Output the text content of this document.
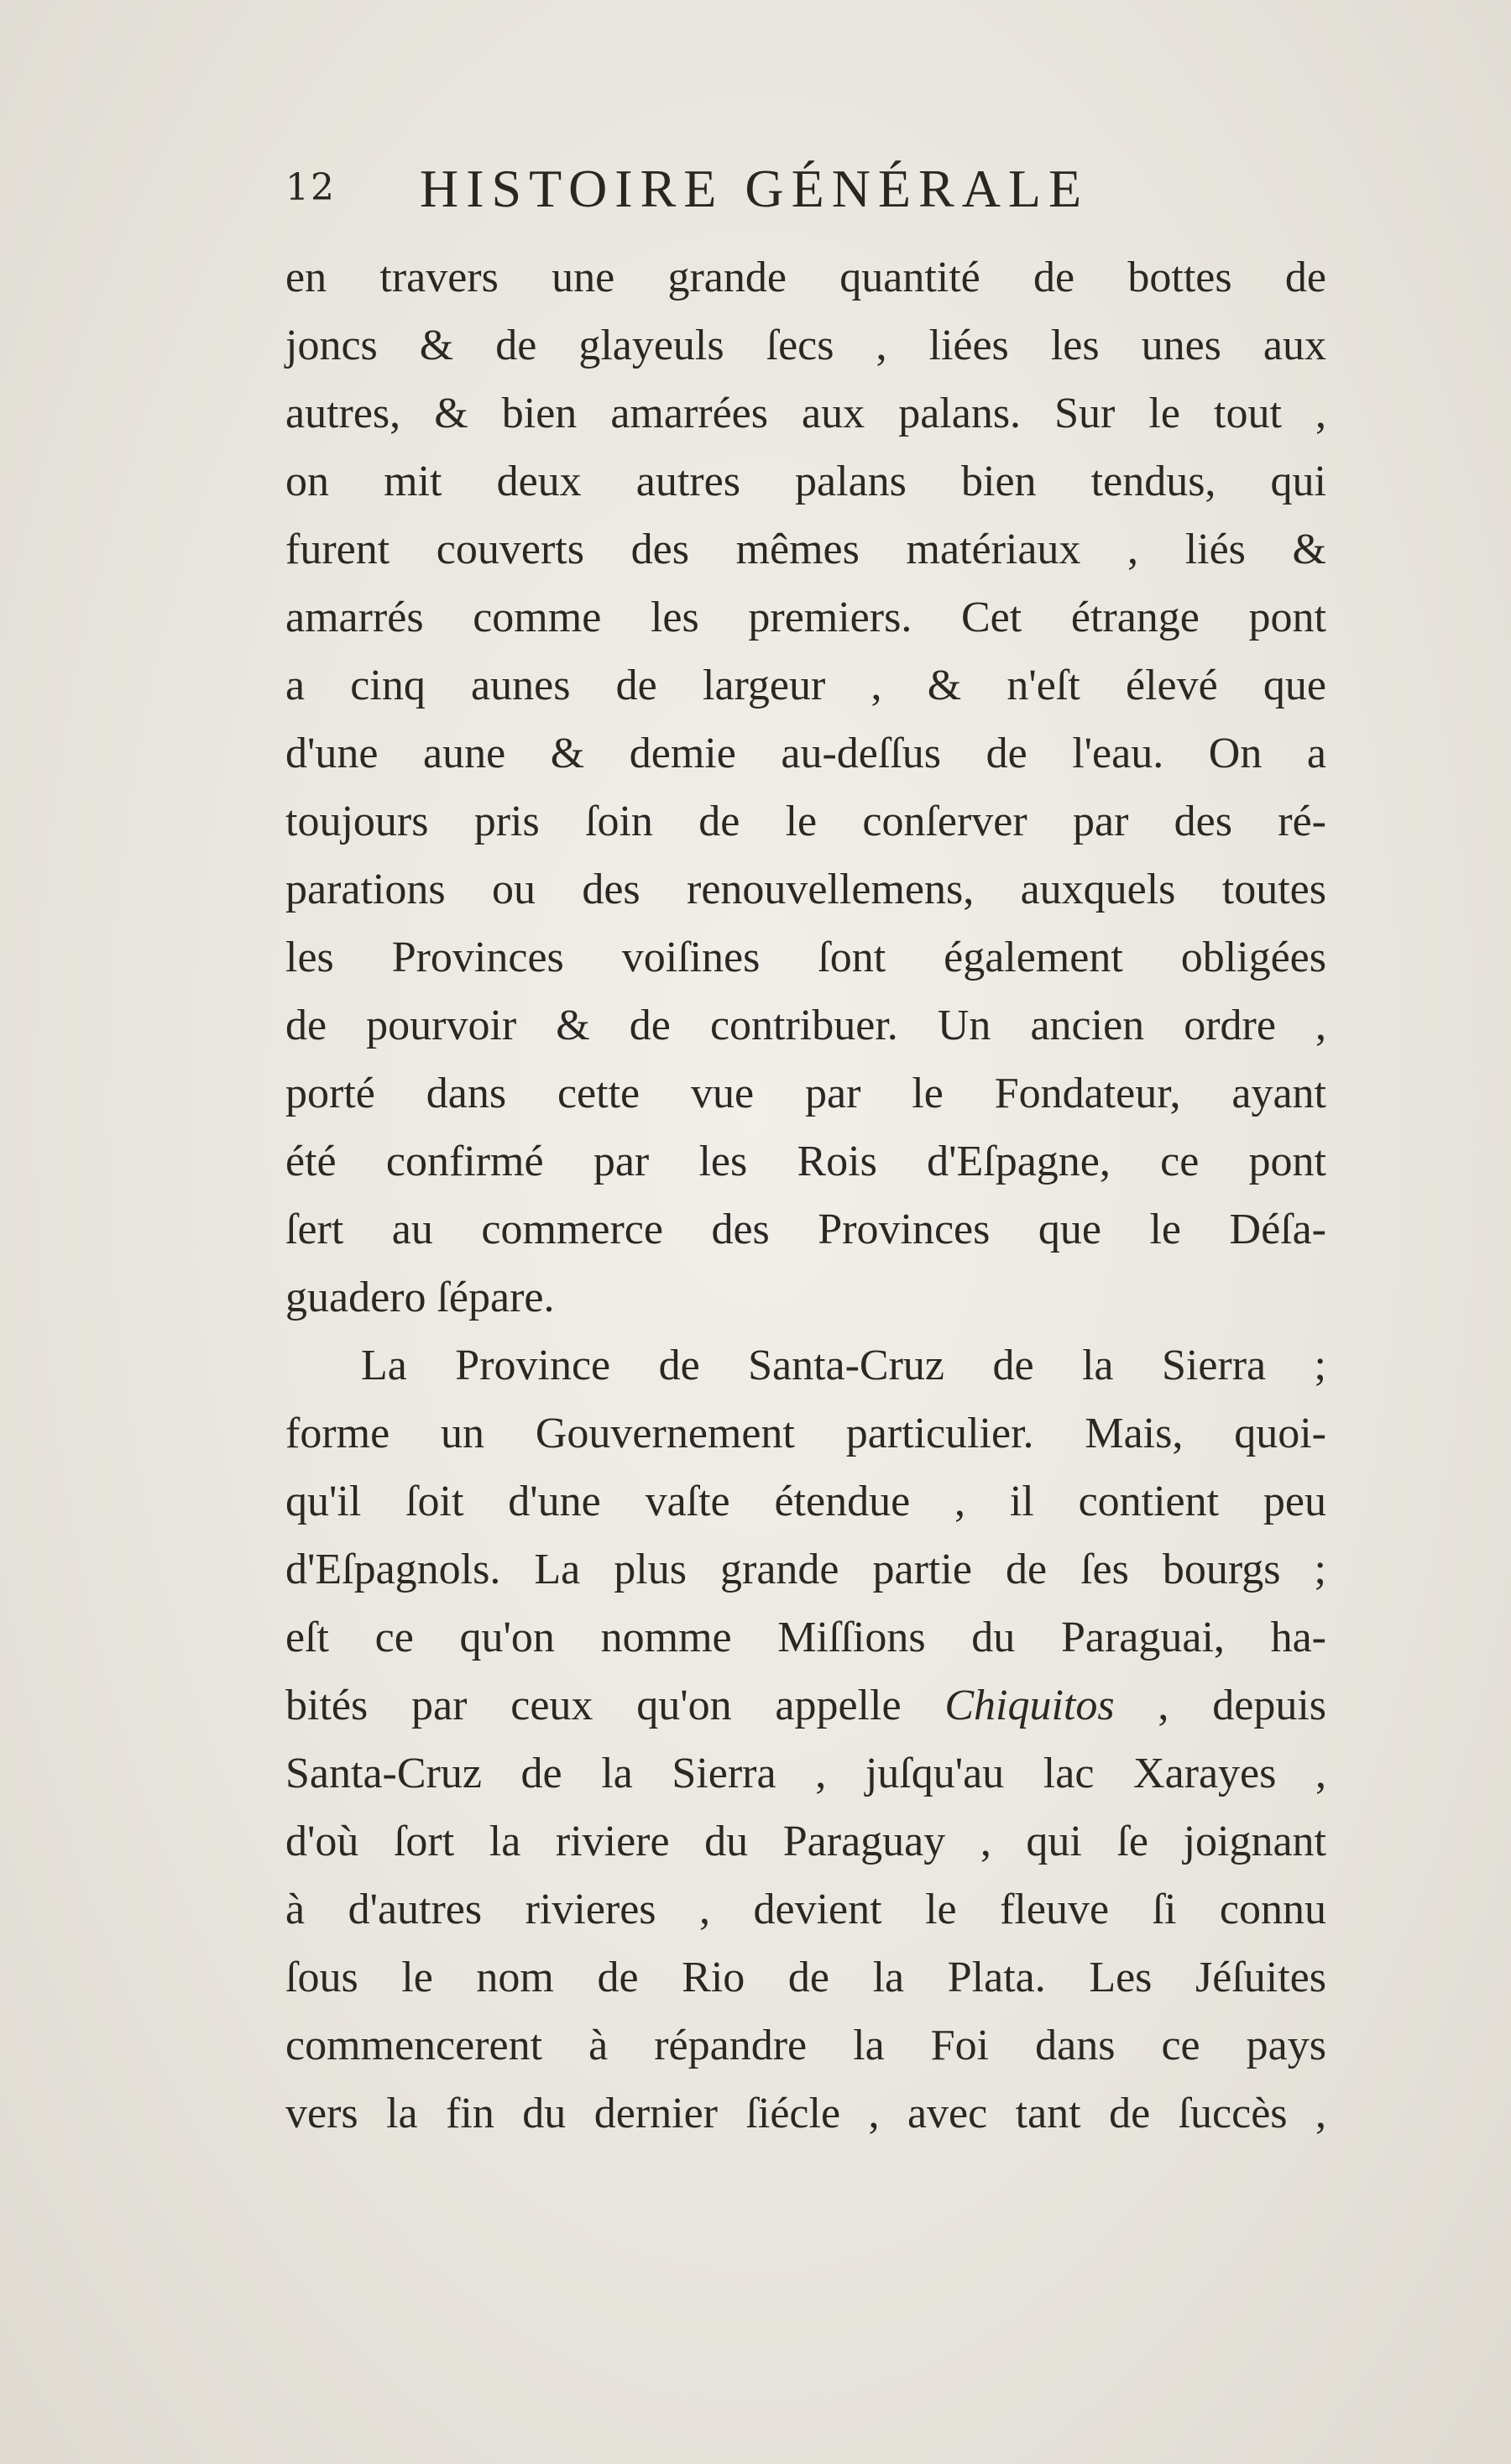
12 HISTOIRE GÉNÉRALE
en travers une grande quantité de bottes de
joncs & de glayeuls ſecs , liées les unes aux
autres, & bien amarrées aux palans. Sur le tout ,
on mit deux autres palans bien tendus, qui
furent couverts des mêmes matériaux , liés &
amarrés comme les premiers. Cet étrange pont
a cinq aunes de largeur , & n'eſt élevé que
d'une aune & demie au-deſſus de l'eau. On a
toujours pris ſoin de le conſerver par des ré-
parations ou des renouvellemens, auxquels toutes
les Provinces voiſines ſont également obligées
de pourvoir & de contribuer. Un ancien ordre ,
porté dans cette vue par le Fondateur, ayant
été confirmé par les Rois d'Eſpagne, ce pont
ſert au commerce des Provinces que le Déſa-
guadero ſépare.
La Province de Santa-Cruz de la Sierra ;
forme un Gouvernement particulier. Mais, quoi-
qu'il ſoit d'une vaſte étendue , il contient peu
d'Eſpagnols. La plus grande partie de ſes bourgs ;
eſt ce qu'on nomme Miſſions du Paraguai, ha-
bités par ceux qu'on appelle Chiquitos , depuis
Santa-Cruz de la Sierra , juſqu'au lac Xarayes ,
d'où ſort la riviere du Paraguay , qui ſe joignant
à d'autres rivieres , devient le fleuve ſi connu
ſous le nom de Rio de la Plata. Les Jéſuites
commencerent à répandre la Foi dans ce pays
vers la fin du dernier ſiécle , avec tant de ſuccès ,
